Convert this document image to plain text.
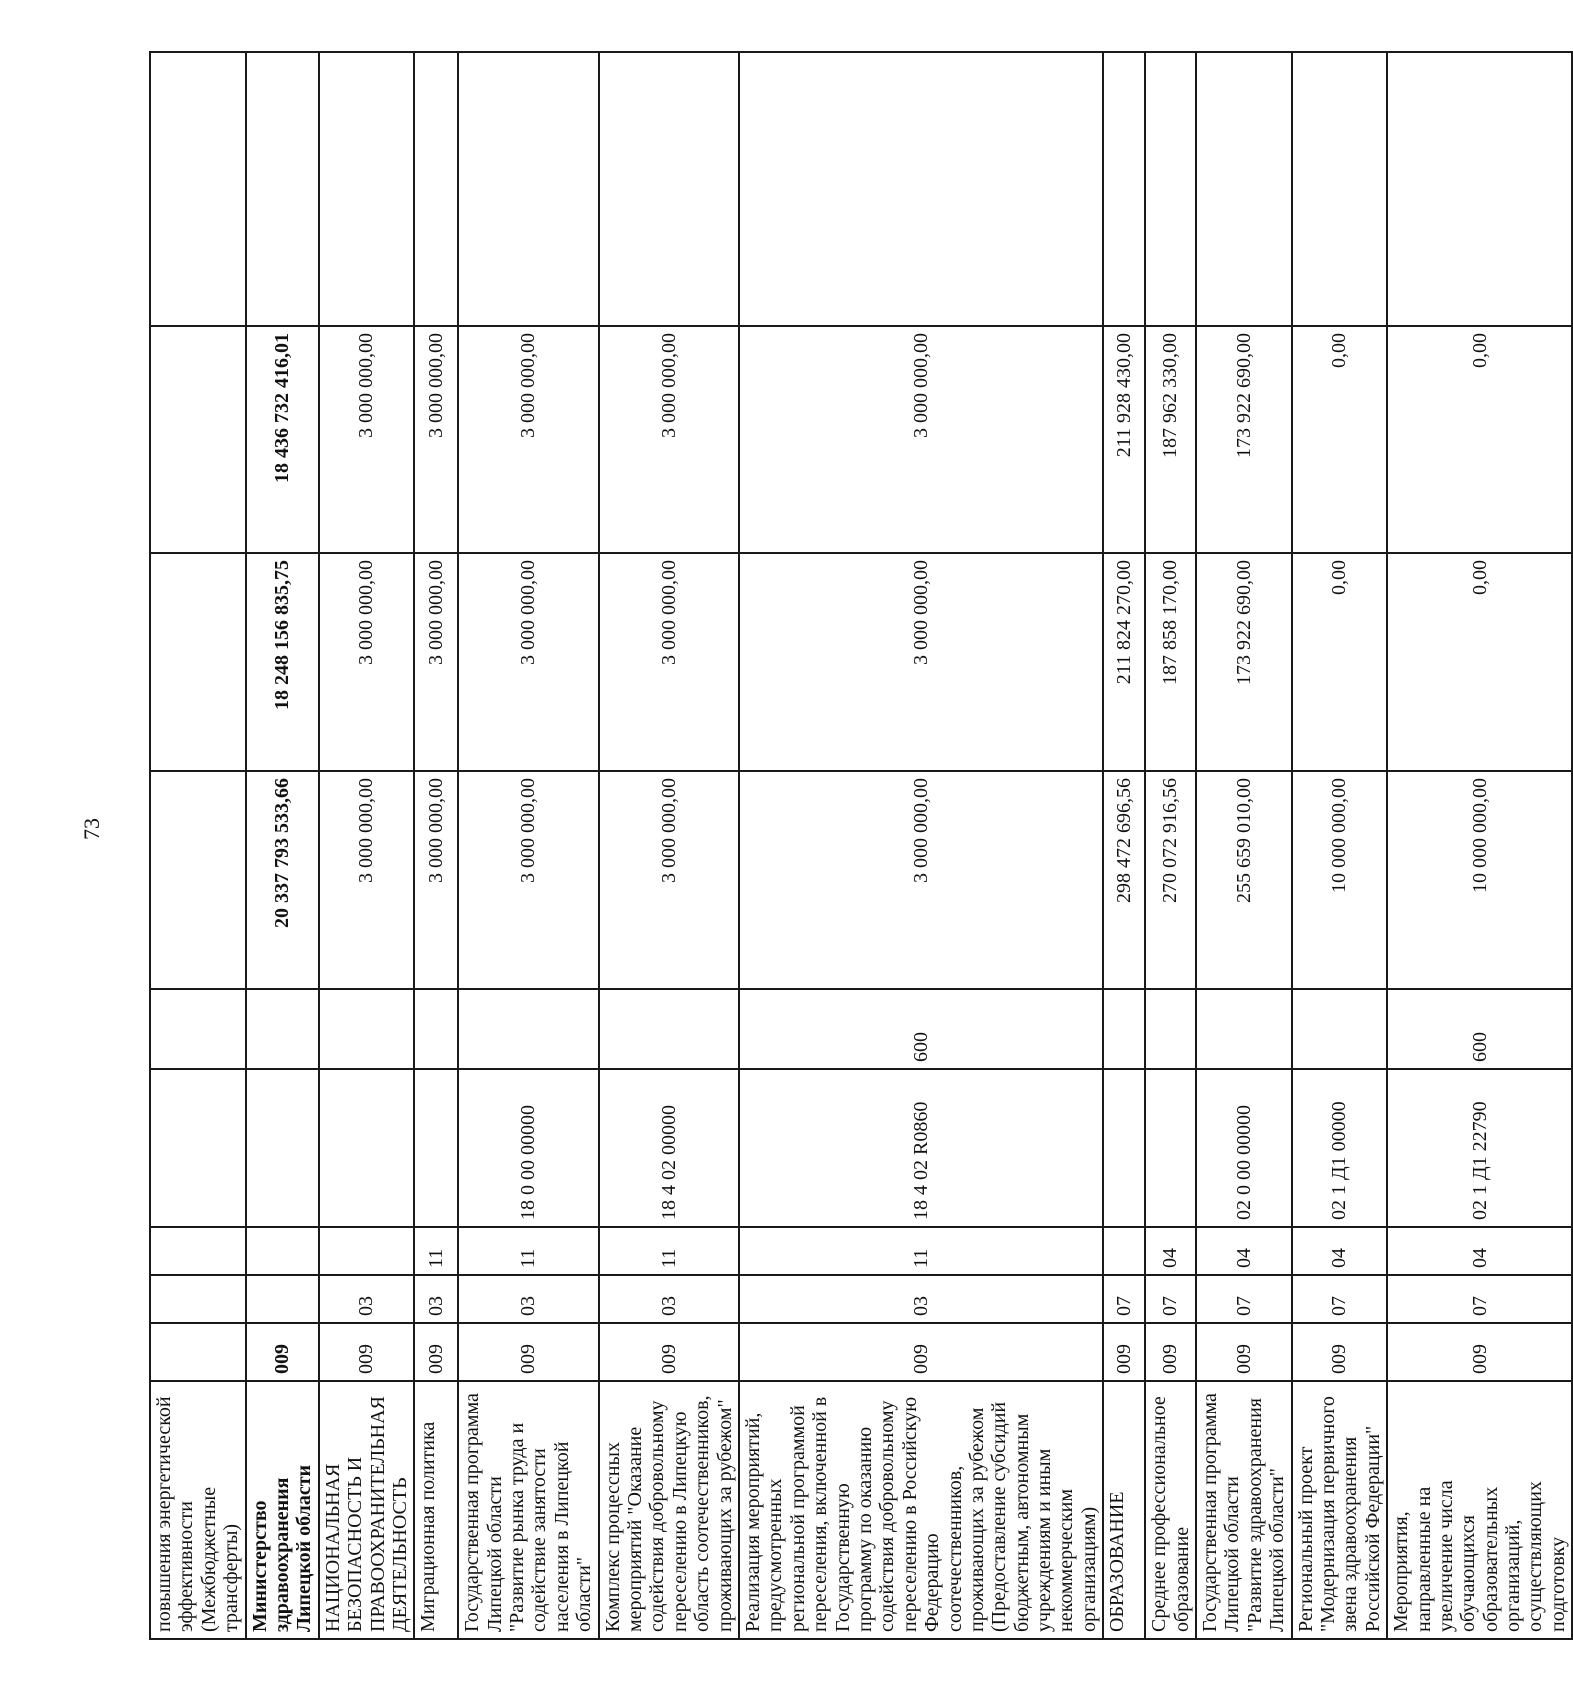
73
повышения энергетической эффективности (Межбюджетные трансферты)									
Министерство здравоохранения Липецкой области	009					20 337 793 533,66	18 248 156 835,75	18 436 732 416,01	
НАЦИОНАЛЬНАЯ БЕЗОПАСНОСТЬ И ПРАВООХРАНИТЕЛЬНАЯ ДЕЯТЕЛЬНОСТЬ	009	03				3 000 000,00	3 000 000,00	3 000 000,00	
Миграционная политика	009	03	11			3 000 000,00	3 000 000,00	3 000 000,00	
Государственная программа Липецкой области "Развитие рынка труда и содействие занятости населения в Липецкой области"	009	03	11	18 0 00 00000		3 000 000,00	3 000 000,00	3 000 000,00	
Комплекс процессных мероприятий "Оказание содействия добровольному переселению в Липецкую область соотечественников, проживающих за рубежом"	009	03	11	18 4 02 00000		3 000 000,00	3 000 000,00	3 000 000,00	
Реализация мероприятий, предусмотренных региональной программой переселения, включенной в Государственную программу по оказанию содействия добровольному переселению в Российскую Федерацию соотечественников, проживающих за рубежом (Предоставление субсидий бюджетным, автономным учреждениям и иным некоммерческим организациям)	009	03	11	18 4 02 R0860	600	3 000 000,00	3 000 000,00	3 000 000,00	
ОБРАЗОВАНИЕ	009	07				298 472 696,56	211 824 270,00	211 928 430,00	
Среднее профессиональное образование	009	07	04			270 072 916,56	187 858 170,00	187 962 330,00	
Государственная программа Липецкой области "Развитие здравоохранения Липецкой области"	009	07	04	02 0 00 00000		255 659 010,00	173 922 690,00	173 922 690,00	
Региональный проект "Модернизация первичного звена здравоохранения Российской Федерации"	009	07	04	02 1 Д1 00000		10 000 000,00	0,00	0,00	
Мероприятия, направленные на увеличение числа обучающихся образовательных организаций, осуществляющих подготовку	009	07	04	02 1 Д1 22790	600	10 000 000,00	0,00	0,00	
